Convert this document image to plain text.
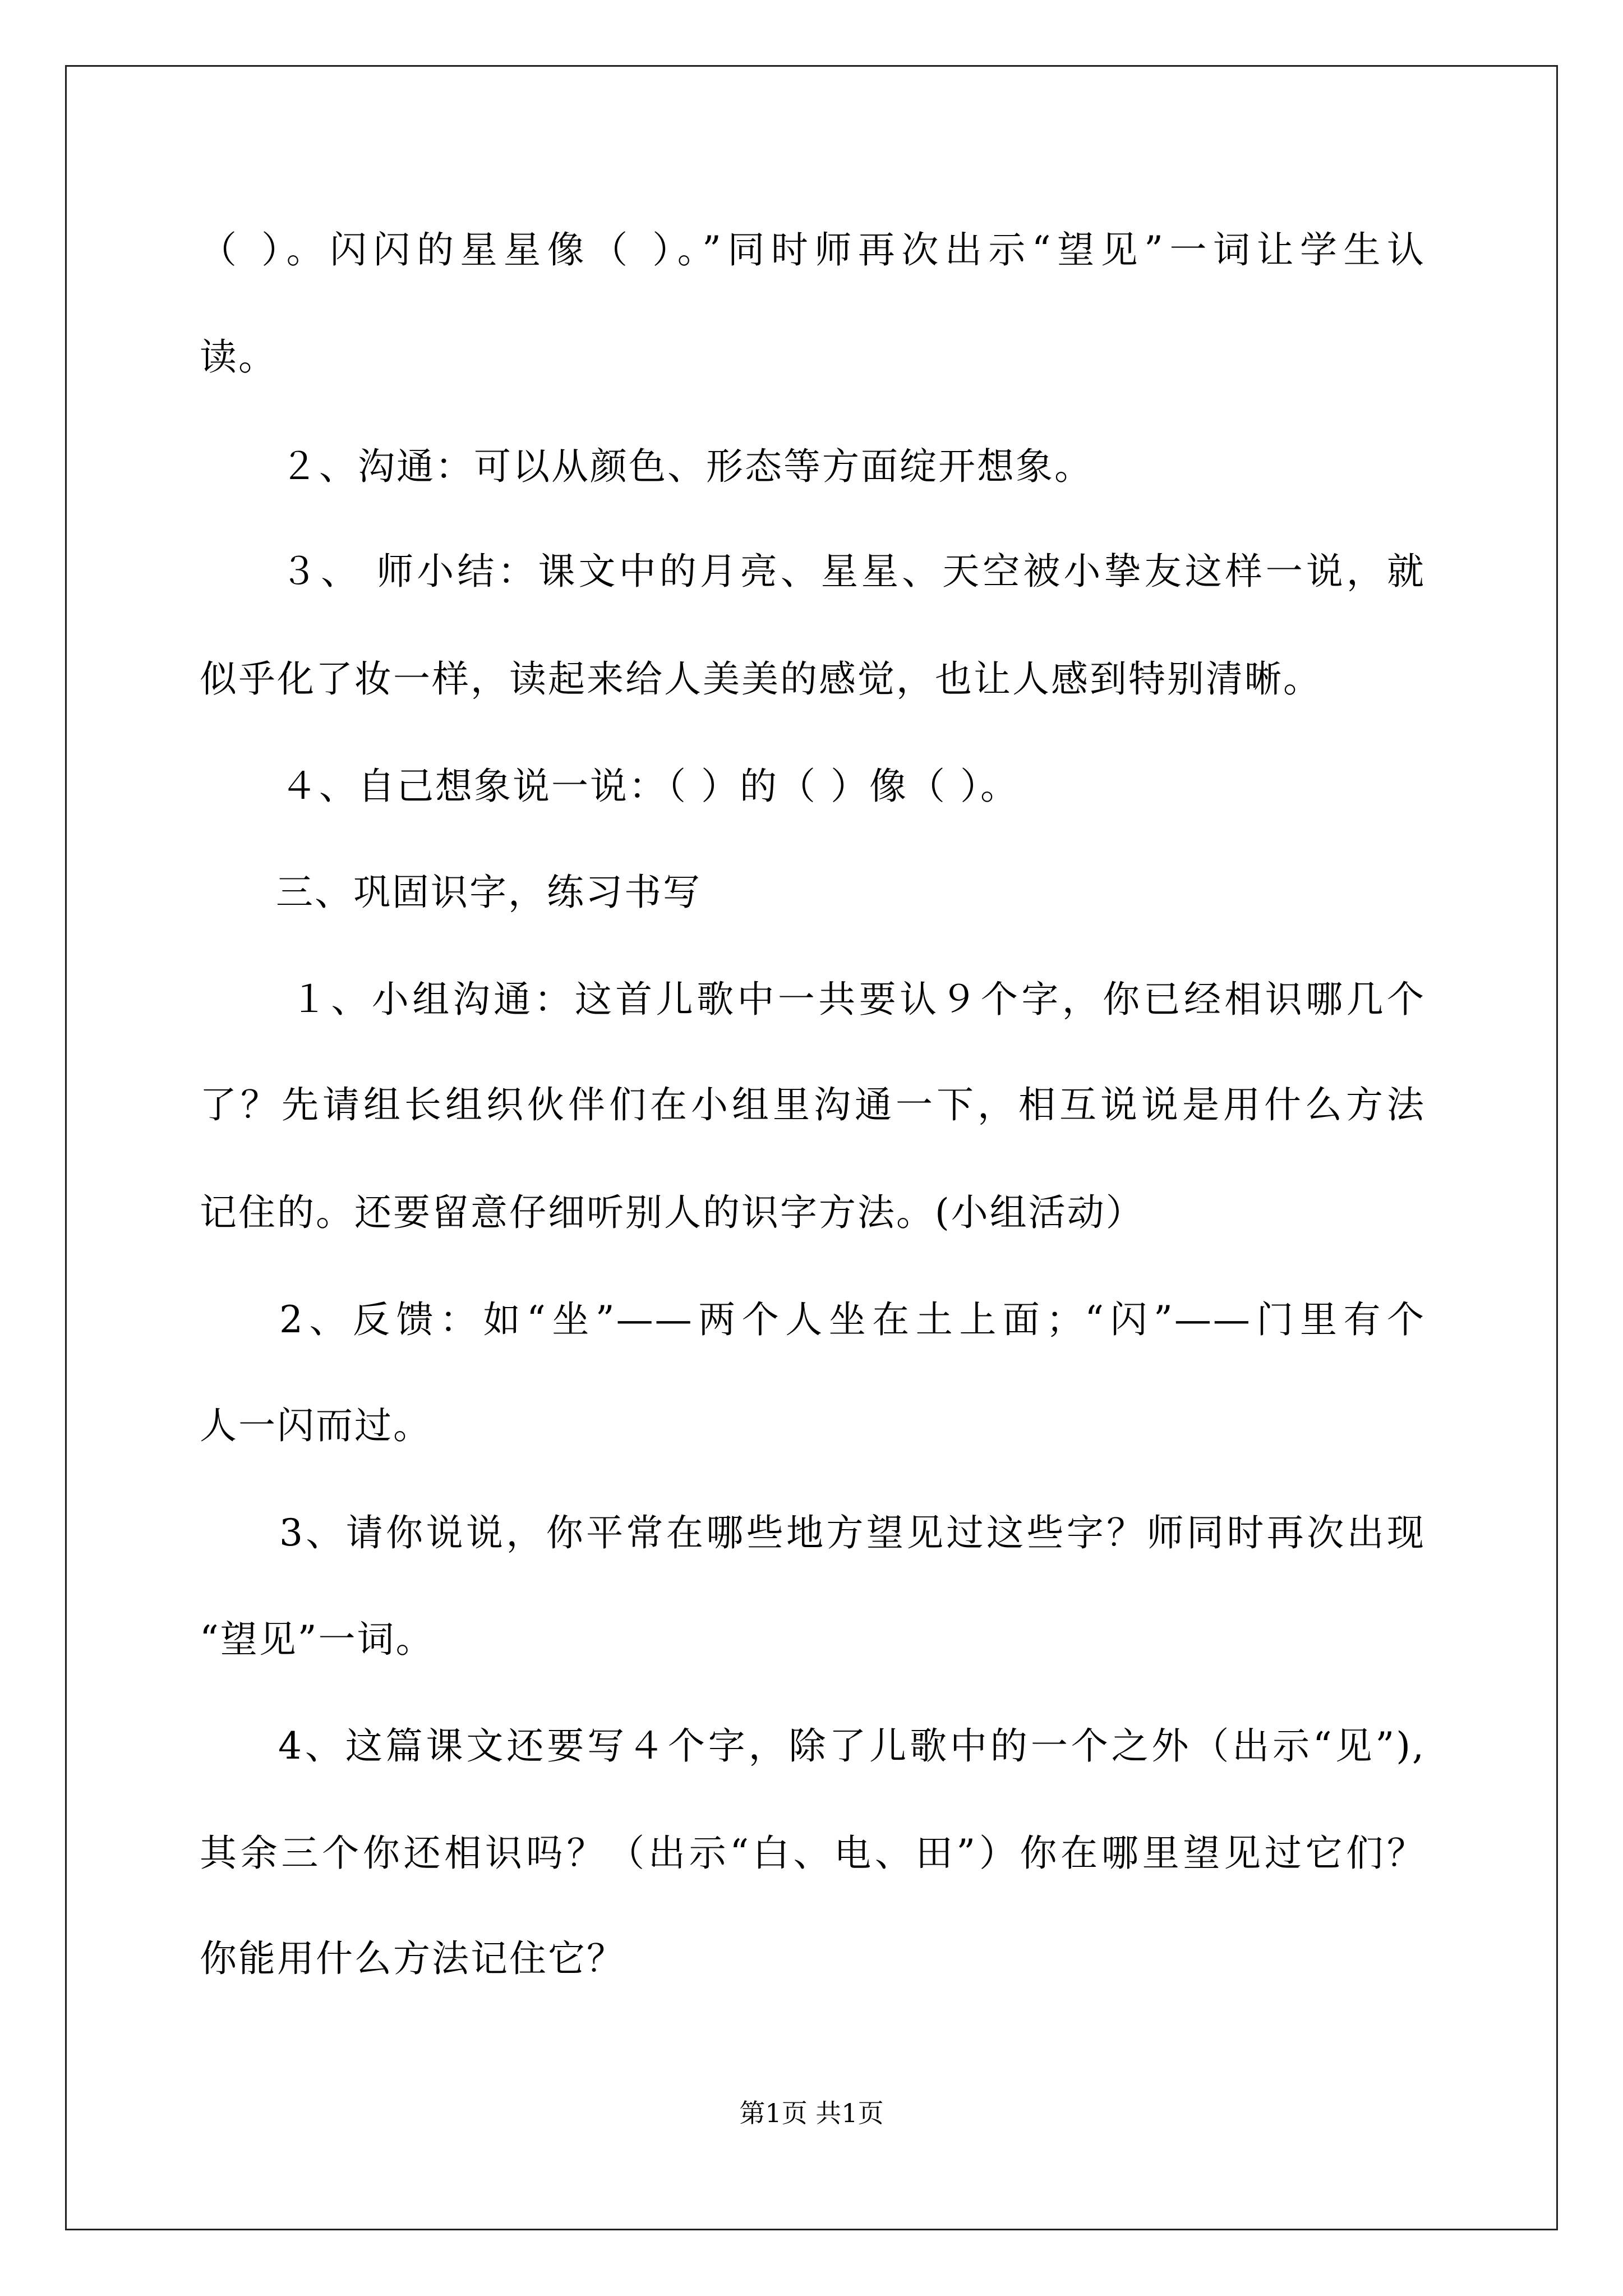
（ ）。闪闪的星星像（ ）。”同时师再次出示“望见”一词让学生认
读。
２、沟通：可以从颜色、形态等方面绽开想象。
３、 师小结：课文中的月亮、星星、天空被小挚友这样一说，就
似乎化了妆一样，读起来给人美美的感觉，也让人感到特别清晰。
４、自己想象说一说：（ ）的（ ）像（ ）。
三、巩固识字，练习书写
１、小组沟通：这首儿歌中一共要认９个字，你已经相识哪几个
了？先请组长组织伙伴们在小组里沟通一下，相互说说是用什么方法
记住的。还要留意仔细听别人的识字方法。(小组活动）
2、反馈：如“坐”——两个人坐在土上面；“闪”——门里有个
人一闪而过。
3、请你说说，你平常在哪些地方望见过这些字？师同时再次出现
“望见”一词。
4、这篇课文还要写４个字，除了儿歌中的一个之外（出示“见”),
其余三个你还相识吗？（出示“白、电、田”）你在哪里望见过它们？
你能用什么方法记住它？
第1页 共1页
